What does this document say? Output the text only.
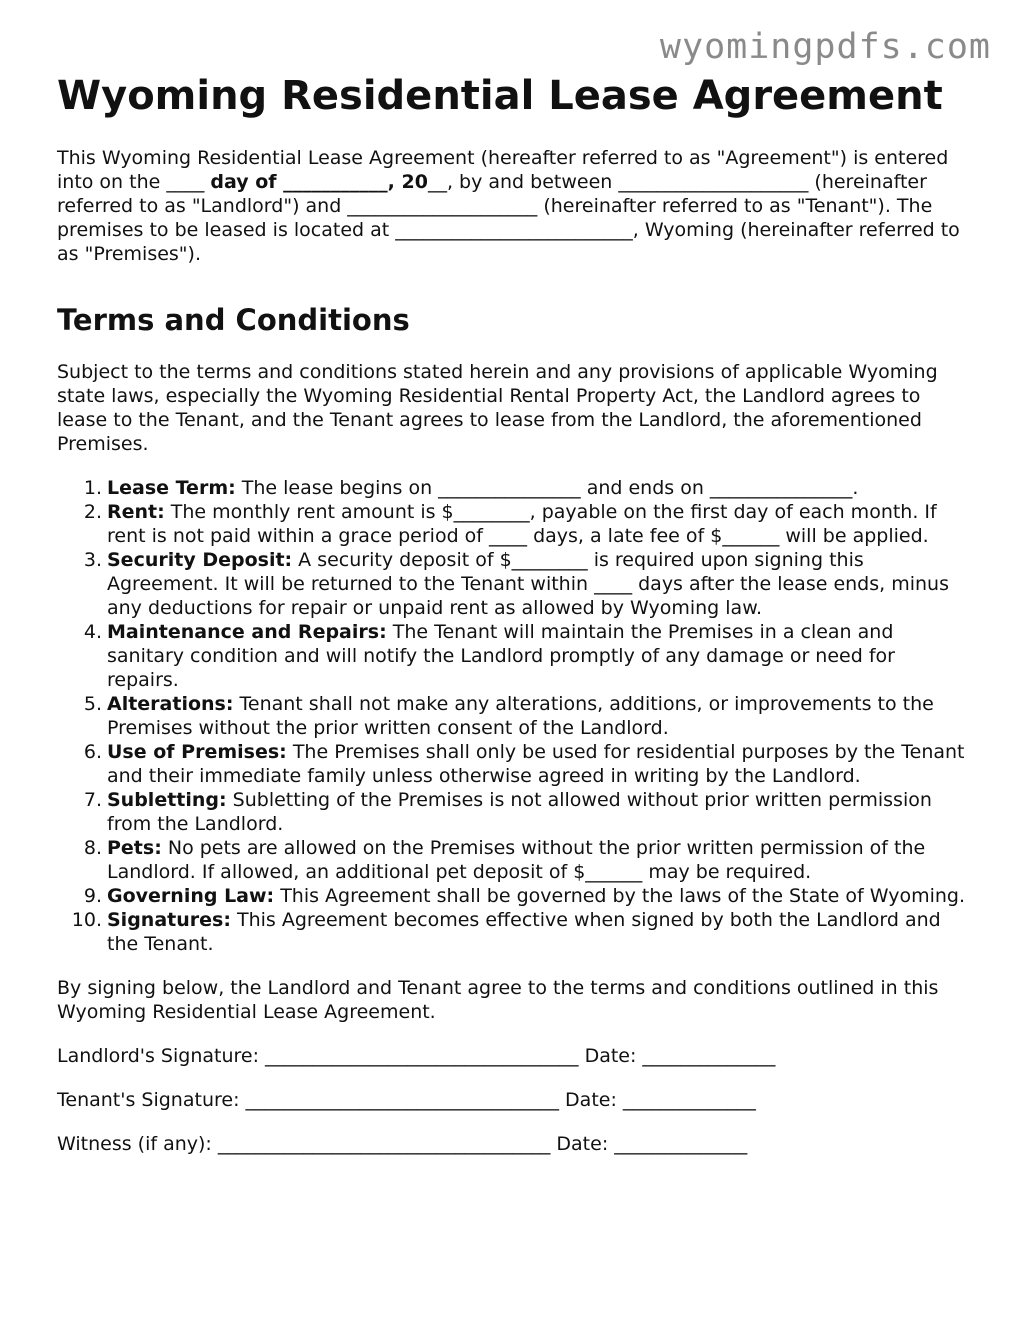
wyomingpdfs.com
Wyoming Residential Lease Agreement

This Wyoming Residential Lease Agreement (hereafter referred to as "Agreement") is entered into on the ____ day of ___________, 20__, by and between ____________________ (hereinafter referred to as "Landlord") and ____________________ (hereinafter referred to as "Tenant"). The premises to be leased is located at _________________________, Wyoming (hereinafter referred to as "Premises").

Terms and Conditions

Subject to the terms and conditions stated herein and any provisions of applicable Wyoming state laws, especially the Wyoming Residential Rental Property Act, the Landlord agrees to lease to the Tenant, and the Tenant agrees to lease from the Landlord, the aforementioned Premises.

1. Lease Term: The lease begins on _______________ and ends on _______________.
2. Rent: The monthly rent amount is $________, payable on the first day of each month. If rent is not paid within a grace period of ____ days, a late fee of $______ will be applied.
3. Security Deposit: A security deposit of $________ is required upon signing this Agreement. It will be returned to the Tenant within ____ days after the lease ends, minus any deductions for repair or unpaid rent as allowed by Wyoming law.
4. Maintenance and Repairs: The Tenant will maintain the Premises in a clean and sanitary condition and will notify the Landlord promptly of any damage or need for repairs.
5. Alterations: Tenant shall not make any alterations, additions, or improvements to the Premises without the prior written consent of the Landlord.
6. Use of Premises: The Premises shall only be used for residential purposes by the Tenant and their immediate family unless otherwise agreed in writing by the Landlord.
7. Subletting: Subletting of the Premises is not allowed without prior written permission from the Landlord.
8. Pets: No pets are allowed on the Premises without the prior written permission of the Landlord. If allowed, an additional pet deposit of $______ may be required.
9. Governing Law: This Agreement shall be governed by the laws of the State of Wyoming.
10. Signatures: This Agreement becomes effective when signed by both the Landlord and the Tenant.

By signing below, the Landlord and Tenant agree to the terms and conditions outlined in this Wyoming Residential Lease Agreement.

Landlord's Signature: _________________________________ Date: ______________
Tenant's Signature: _________________________________ Date: ______________
Witness (if any): ___________________________________ Date: ______________
